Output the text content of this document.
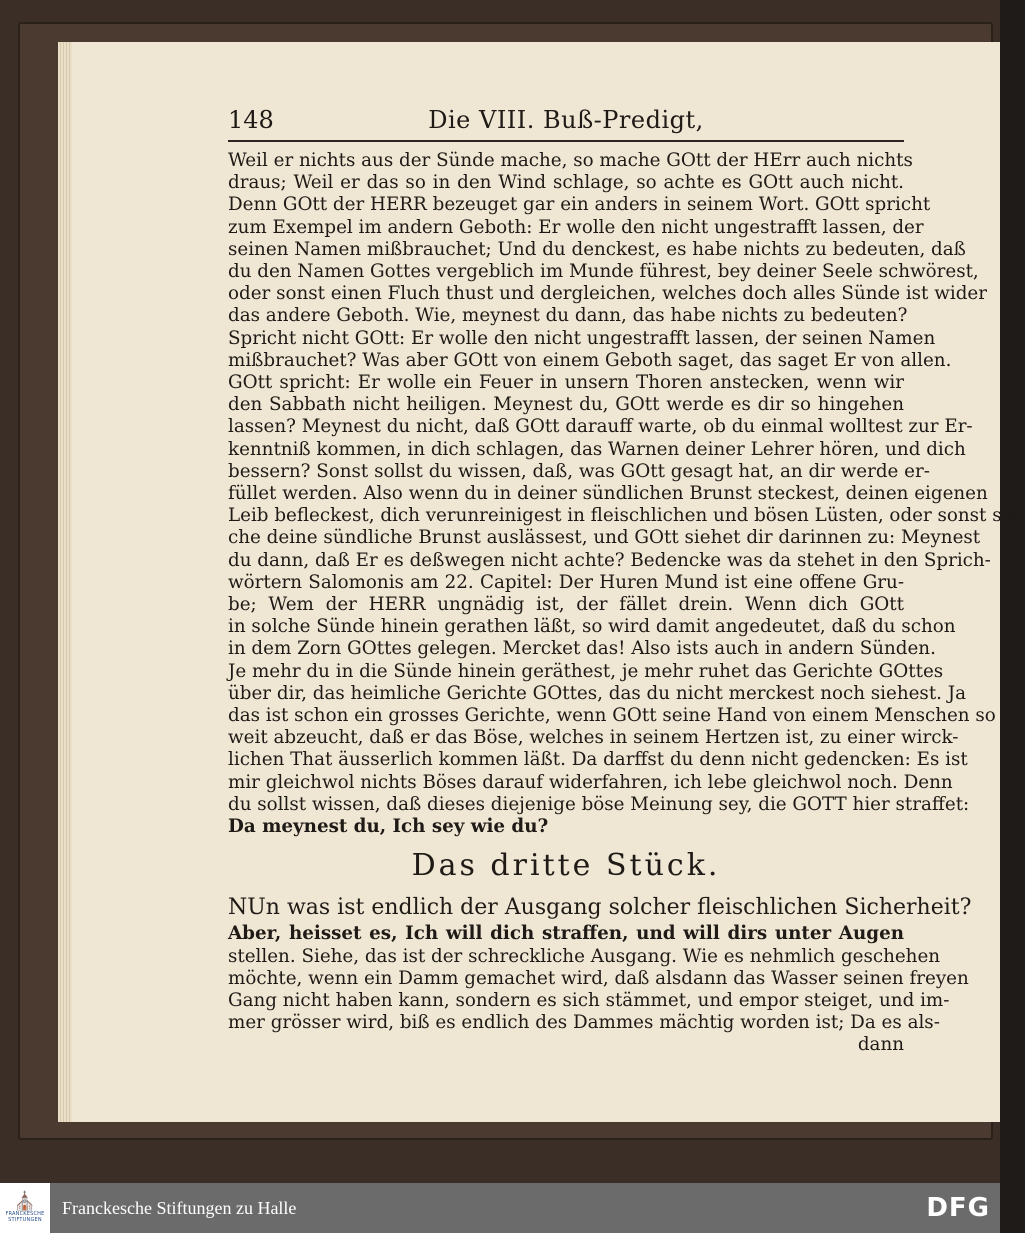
148	Die VIII. Buß-Predigt,
Weil er nichts aus der Sünde mache, so mache GOtt der HErr auch nichts
draus; Weil er das so in den Wind schlage, so achte es GOtt auch nicht.
Denn GOtt der HERR bezeuget gar ein anders in seinem Wort. GOtt spricht
zum Exempel im andern Geboth: Er wolle den nicht ungestrafft lassen, der
seinen Namen mißbrauchet; Und du denckest, es habe nichts zu bedeuten, daß
du den Namen Gottes vergeblich im Munde führest, bey deiner Seele schwörest,
oder sonst einen Fluch thust und dergleichen, welches doch alles Sünde ist wider
das andere Geboth. Wie, meynest du dann, das habe nichts zu bedeuten?
Spricht nicht GOtt: Er wolle den nicht ungestrafft lassen, der seinen Namen
mißbrauchet? Was aber GOtt von einem Geboth saget, das saget Er von allen.
GOtt spricht: Er wolle ein Feuer in unsern Thoren anstecken, wenn wir
den Sabbath nicht heiligen. Meynest du, GOtt werde es dir so hingehen
lassen? Meynest du nicht, daß GOtt darauff warte, ob du einmal wolltest zur Er-
kenntniß kommen, in dich schlagen, das Warnen deiner Lehrer hören, und dich
bessern? Sonst sollst du wissen, daß, was GOtt gesagt hat, an dir werde er-
füllet werden. Also wenn du in deiner sündlichen Brunst steckest, deinen eigenen
Leib befleckest, dich verunreinigest in fleischlichen und bösen Lüsten, oder sonst sol-
che deine sündliche Brunst auslässest, und GOtt siehet dir darinnen zu: Meynest
du dann, daß Er es deßwegen nicht achte? Bedencke was da stehet in den Sprich-
wörtern Salomonis am 22. Capitel: Der Huren Mund ist eine offene Gru-
be; Wem der HERR ungnädig ist, der fället drein. Wenn dich GOtt
in solche Sünde hinein gerathen läßt, so wird damit angedeutet, daß du schon
in dem Zorn GOttes gelegen. Mercket das! Also ists auch in andern Sünden.
Je mehr du in die Sünde hinein geräthest, je mehr ruhet das Gerichte GOttes
über dir, das heimliche Gerichte GOttes, das du nicht merckest noch siehest. Ja
das ist schon ein grosses Gerichte, wenn GOtt seine Hand von einem Menschen so
weit abzeucht, daß er das Böse, welches in seinem Hertzen ist, zu einer wirck-
lichen That äusserlich kommen läßt. Da darffst du denn nicht gedencken: Es ist
mir gleichwol nichts Böses darauf widerfahren, ich lebe gleichwol noch. Denn
du sollst wissen, daß dieses diejenige böse Meinung sey, die GOTT hier straffet:
Da meynest du, Ich sey wie du?
Das dritte Stück.
NUn was ist endlich der Ausgang solcher fleischlichen Sicherheit?
Aber, heisset es, Ich will dich straffen, und will dirs unter Augen
stellen. Siehe, das ist der schreckliche Ausgang. Wie es nehmlich geschehen
möchte, wenn ein Damm gemachet wird, daß alsdann das Wasser seinen freyen
Gang nicht haben kann, sondern es sich stämmet, und empor steiget, und im-
mer grösser wird, biß es endlich des Dammes mächtig worden ist; Da es als-
dann
⛪
FRANCKESCHE STIFTUNGEN
Franckesche Stiftungen zu Halle	DFG
